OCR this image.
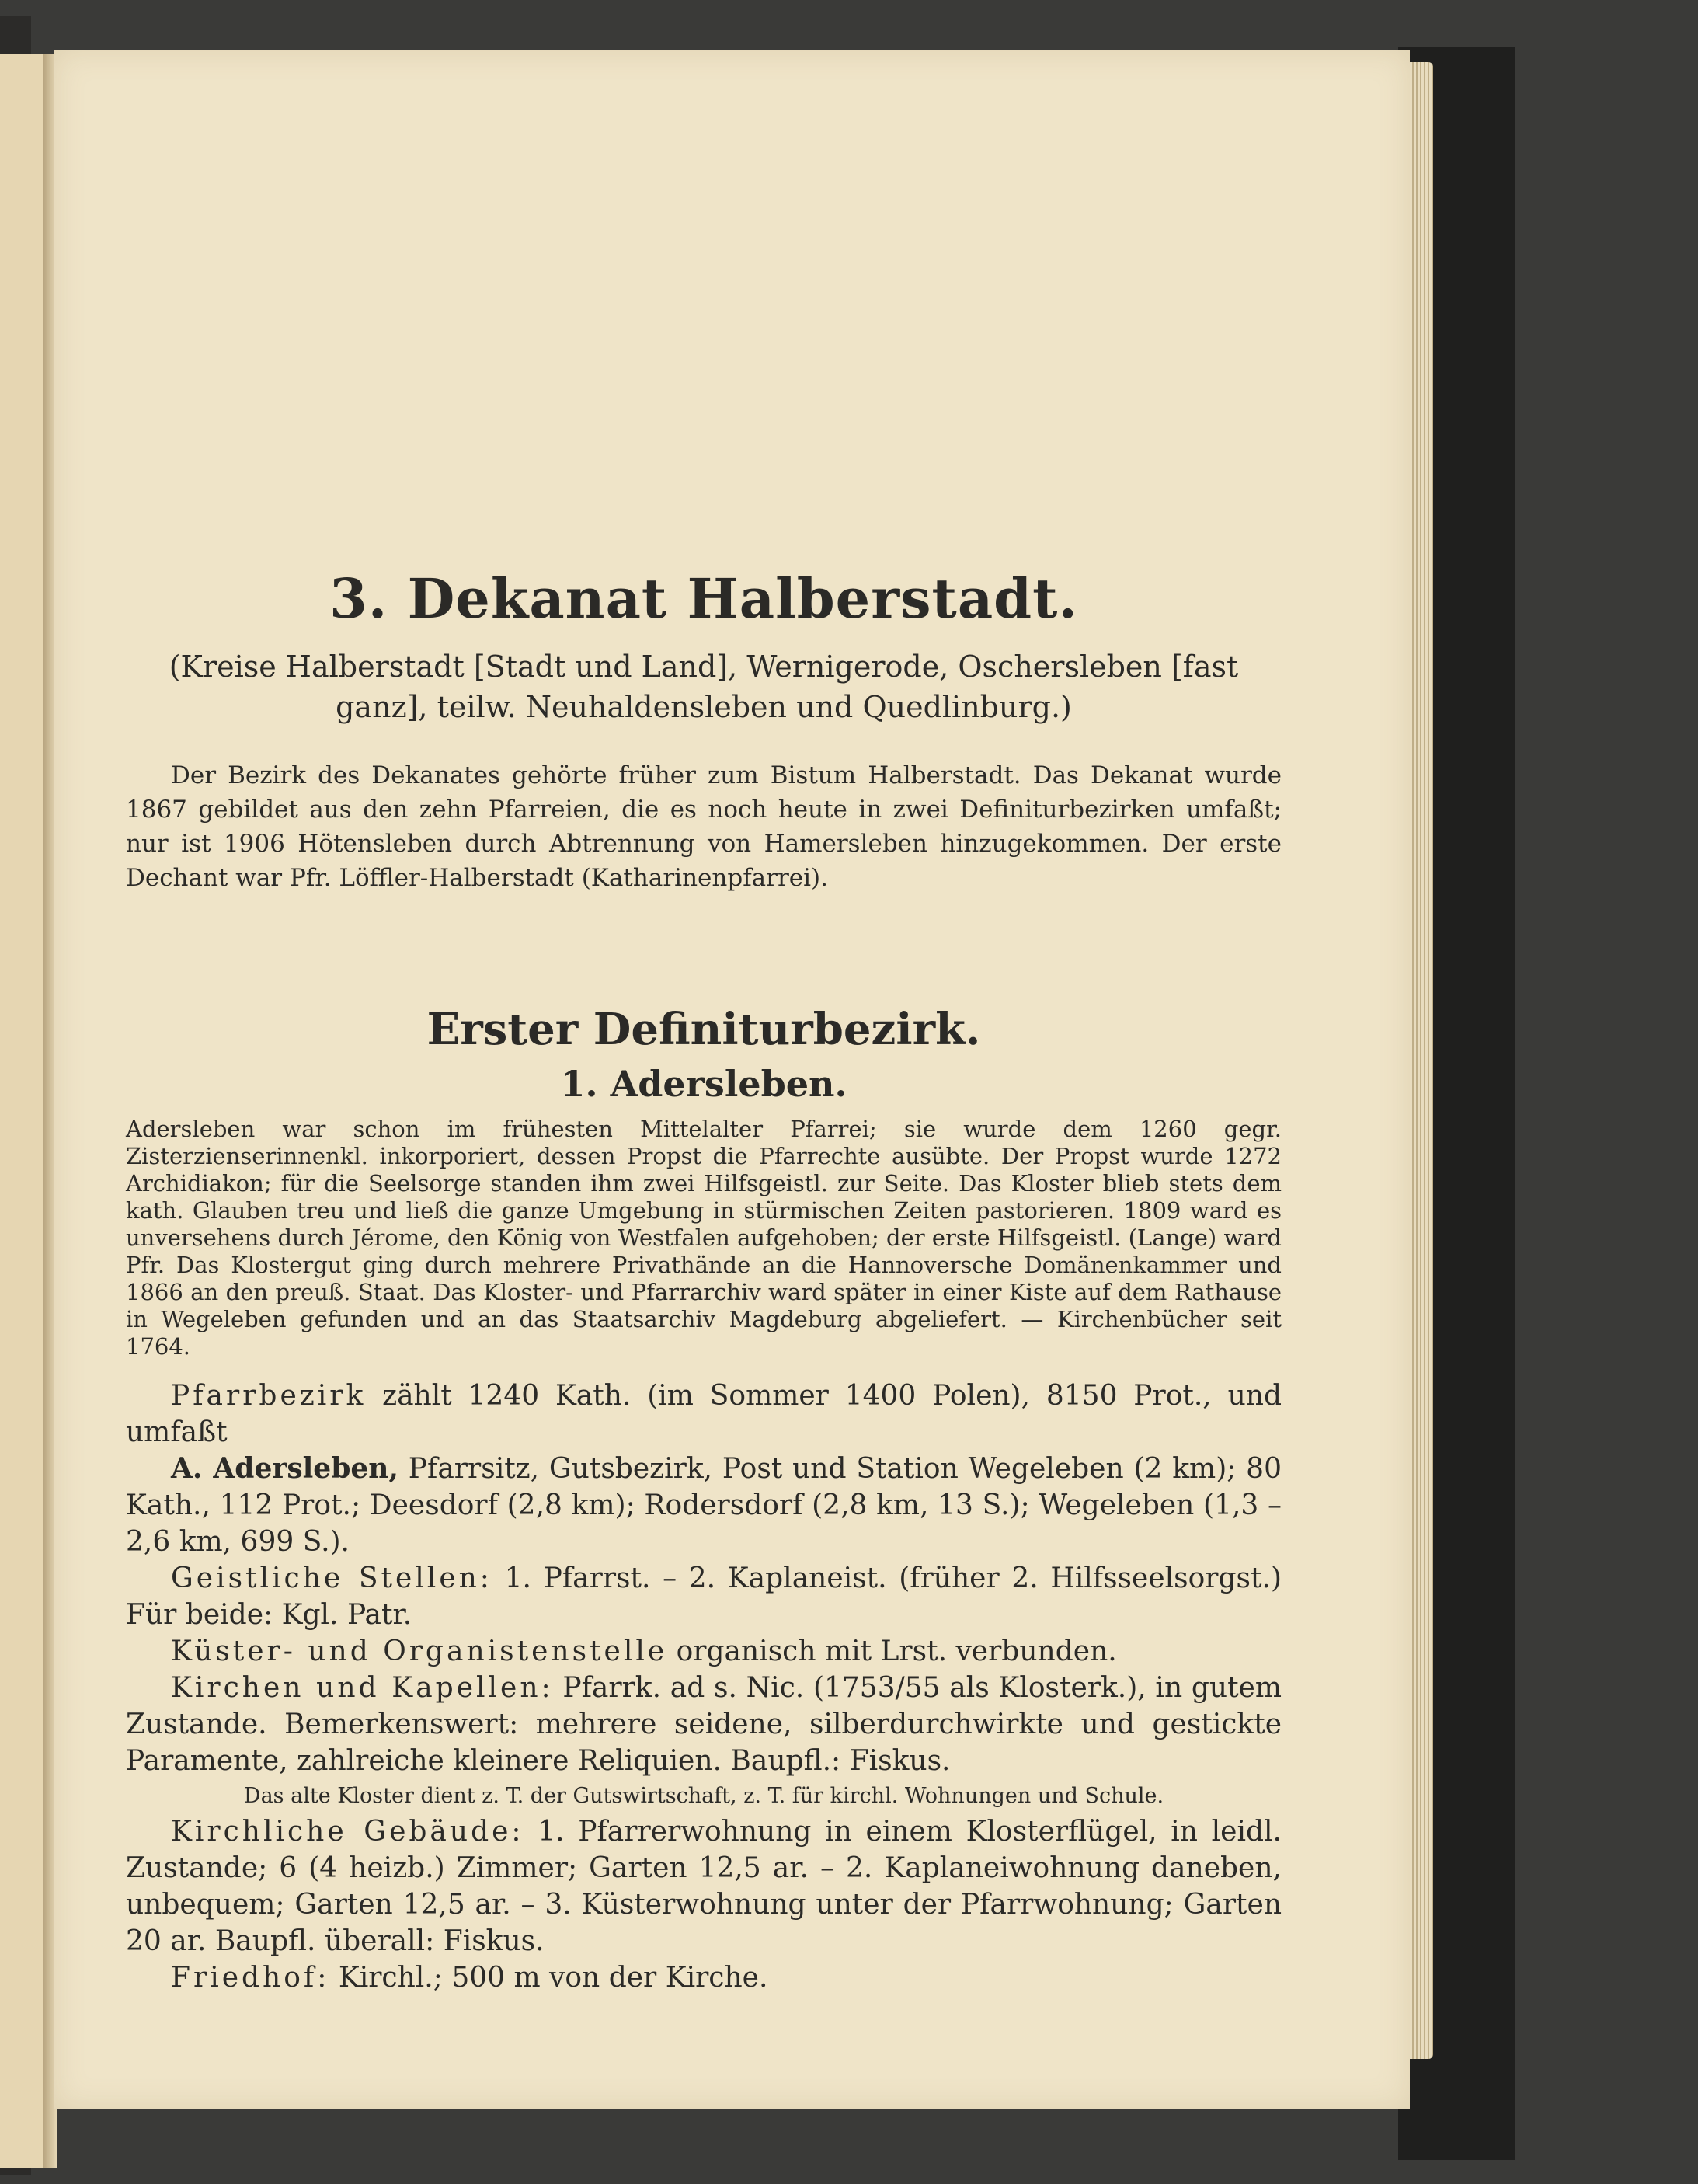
3. Dekanat Halberstadt.

(Kreise Halberstadt [Stadt und Land], Wernigerode, Oschersleben [fast ganz], teilw. Neuhaldensleben und Quedlinburg.)

Der Bezirk des Dekanates gehörte früher zum Bistum Halberstadt. Das Dekanat wurde 1867 gebildet aus den zehn Pfarreien, die es noch heute in zwei Definiturbezirken umfaßt; nur ist 1906 Hötensleben durch Abtrennung von Hamersleben hinzugekommen. Der erste Dechant war Pfr. Löffler-Halberstadt (Katharinenpfarrei).

Erster Definiturbezirk.
1. Adersleben.

Adersleben war schon im frühesten Mittelalter Pfarrei; sie wurde dem 1260 gegr. Zisterzienserinnenkl. inkorporiert, dessen Propst die Pfarrechte ausübte. Der Propst wurde 1272 Archidiakon; für die Seelsorge standen ihm zwei Hilfsgeistl. zur Seite. Das Kloster blieb stets dem kath. Glauben treu und ließ die ganze Umgebung in stürmischen Zeiten pastorieren. 1809 ward es unversehens durch Jérome, den König von Westfalen aufgehoben; der erste Hilfsgeistl. (Lange) ward Pfr. Das Klostergut ging durch mehrere Privathände an die Hannoversche Domänenkammer und 1866 an den preuß. Staat. Das Kloster- und Pfarrarchiv ward später in einer Kiste auf dem Rathause in Wegeleben gefunden und an das Staatsarchiv Magdeburg abgeliefert. — Kirchenbücher seit 1764.

Pfarrbezirk zählt 1240 Kath. (im Sommer 1400 Polen), 8150 Prot., und umfaßt

A. Adersleben, Pfarrsitz, Gutsbezirk, Post und Station Wegeleben (2 km); 80 Kath., 112 Prot.; Deesdorf (2,8 km); Rodersdorf (2,8 km, 13 S.); Wegeleben (1,3 – 2,6 km, 699 S.).

Geistliche Stellen: 1. Pfarrst. – 2. Kaplaneist. (früher 2. Hilfsseelsorgst.) Für beide: Kgl. Patr.

Küster- und Organistenstelle organisch mit Lrst. verbunden.

Kirchen und Kapellen: Pfarrk. ad s. Nic. (1753/55 als Klosterk.), in gutem Zustande. Bemerkenswert: mehrere seidene, silberdurchwirkte und gestickte Paramente, zahlreiche kleinere Reliquien. Baupfl.: Fiskus.

Das alte Kloster dient z. T. der Gutswirtschaft, z. T. für kirchl. Wohnungen und Schule.

Kirchliche Gebäude: 1. Pfarrerwohnung in einem Klosterflügel, in leidl. Zustande; 6 (4 heizb.) Zimmer; Garten 12,5 ar. – 2. Kaplaneiwohnung daneben, unbequem; Garten 12,5 ar. – 3. Küsterwohnung unter der Pfarrwohnung; Garten 20 ar. Baupfl. überall: Fiskus.

Friedhof: Kirchl.; 500 m von der Kirche.
